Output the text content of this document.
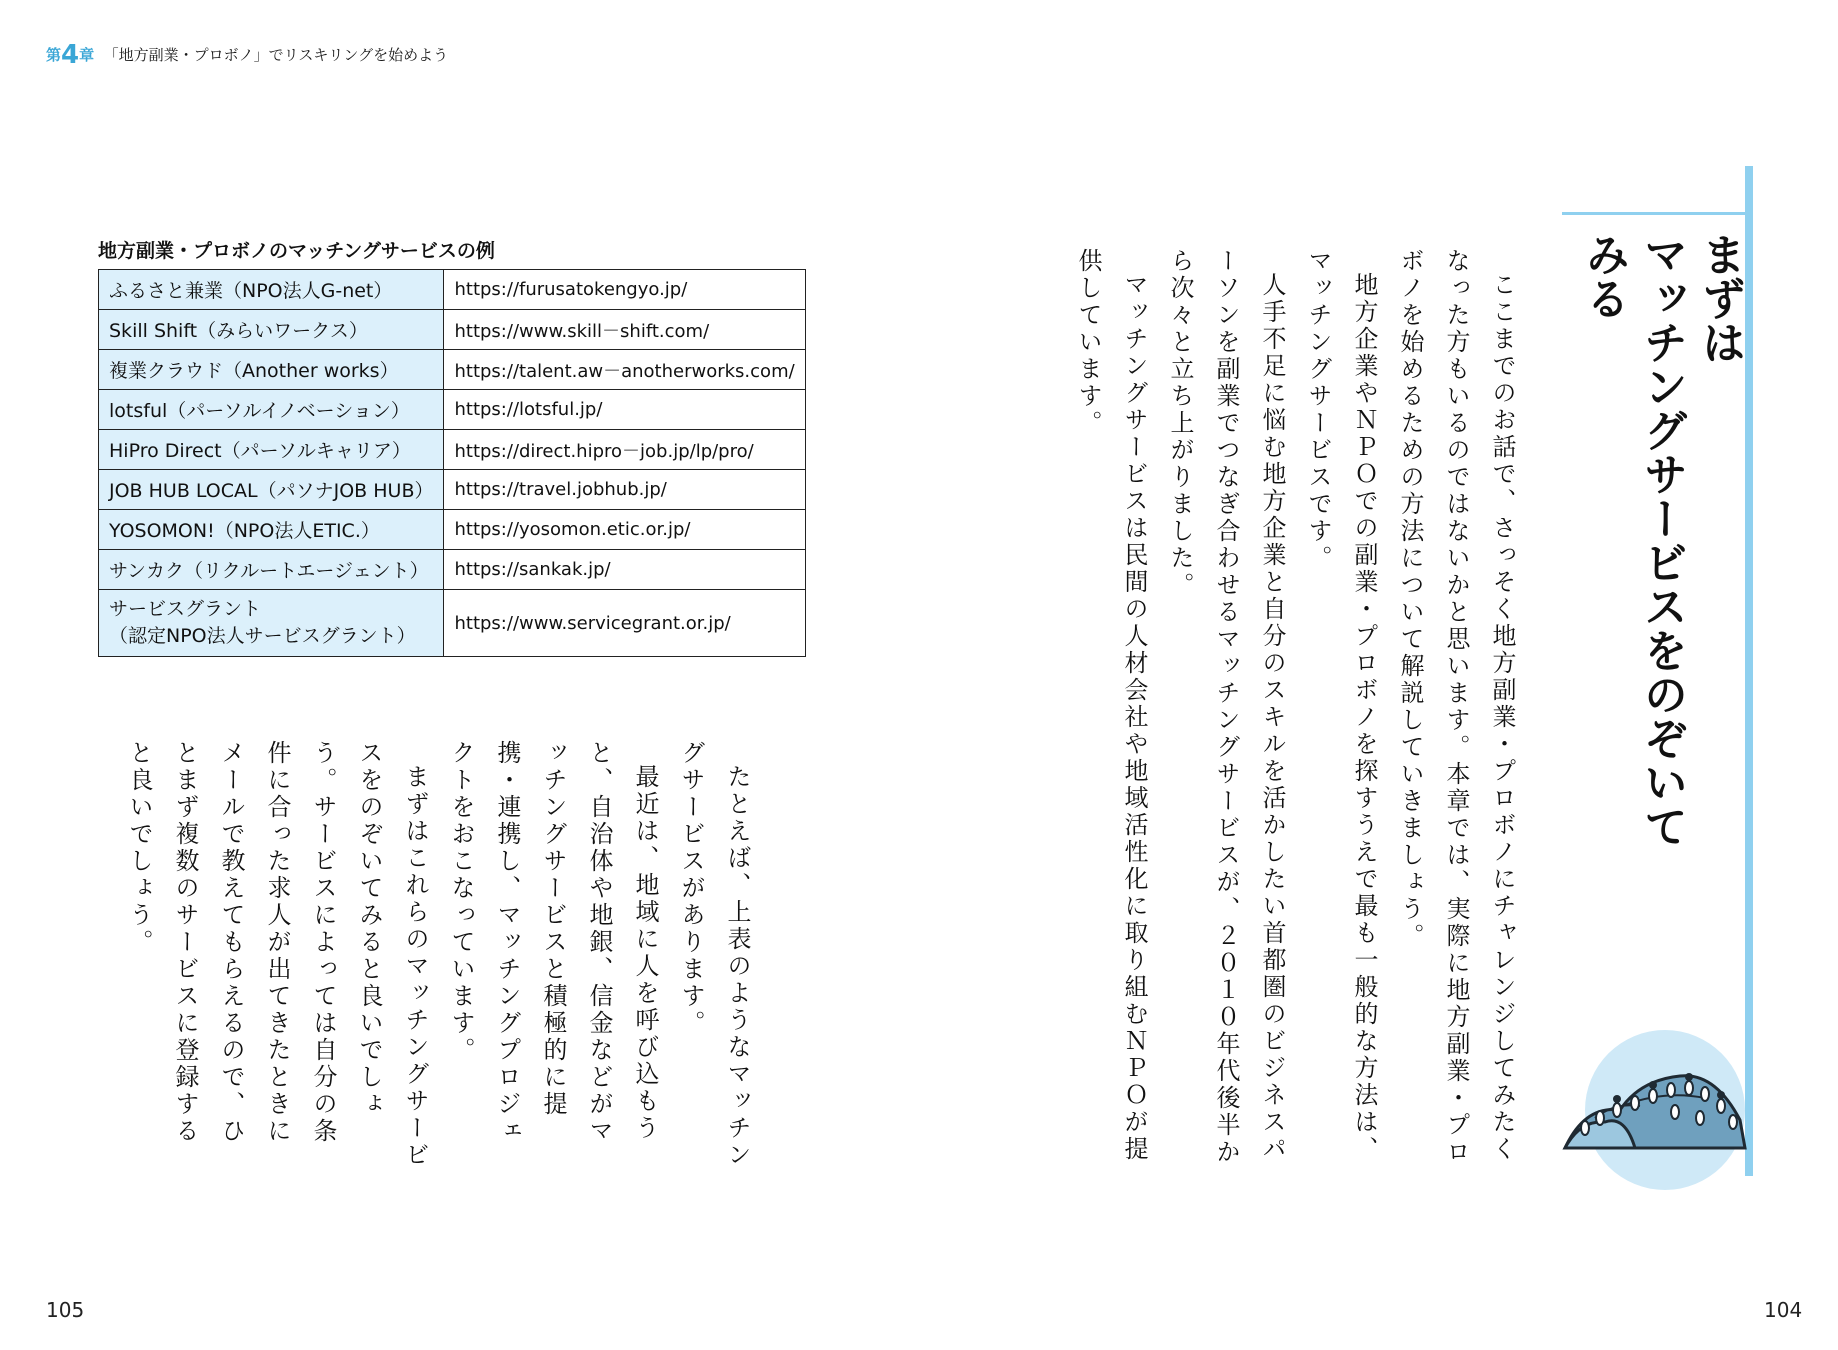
第4章 「地方副業・プロボノ」でリスキリングを始めよう
105	104
地方副業・プロボノのマッチングサービスの例
ふるさと兼業（NPO法人G-net）	https://furusatokengyo.jp/
Skill Shift（みらいワークス）	https://www.skill－shift.com/
複業クラウド（Another works）	https://talent.aw－anotherworks.com/
lotsful（パーソルイノベーション）	https://lotsful.jp/
HiPro Direct（パーソルキャリア）	https://direct.hipro－job.jp/lp/pro/
JOB HUB LOCAL（パソナJOB HUB）	https://travel.jobhub.jp/
YOSOMON!（NPO法人ETIC.）	https://yosomon.etic.or.jp/
サンカク（リクルートエージェント）	https://sankak.jp/
サービスグラント
（認定NPO法人サービスグラント）	https://www.servicegrant.or.jp/

たとえば、上表のようなマッチングサービスがあります。

最近は、地域に人を呼び込もうと、自治体や地銀、信金などがマッチングサービスと積極的に提携・連携し、マッチングプロジェクトをおこなっています。

まずはこれらのマッチングサービスをのぞいてみると良いでしょう。サービスによっては自分の条件に合った求人が出てきたときにメールで教えてもらえるので、ひとまず複数のサービスに登録すると良いでしょう。	ここまでのお話で、さっそく地方副業・プロボノにチャレンジしてみたくなった方もいるのではないかと思います。本章では、実際に地方副業・プロボノを始めるための方法について解説していきましょう。

地方企業やＮＰＯでの副業・プロボノを探すうえで最も一般的な方法は、マッチングサービスです。

人手不足に悩む地方企業と自分のスキルを活かしたい首都圏のビジネスパーソンを副業でつなぎ合わせるマッチングサービスが、２０１０年代後半から次々と立ち上がりました。

マッチングサービスは民間の人材会社や地域活性化に取り組むＮＰＯが提供しています。	まずは
マッチングサービスをのぞいてみる
